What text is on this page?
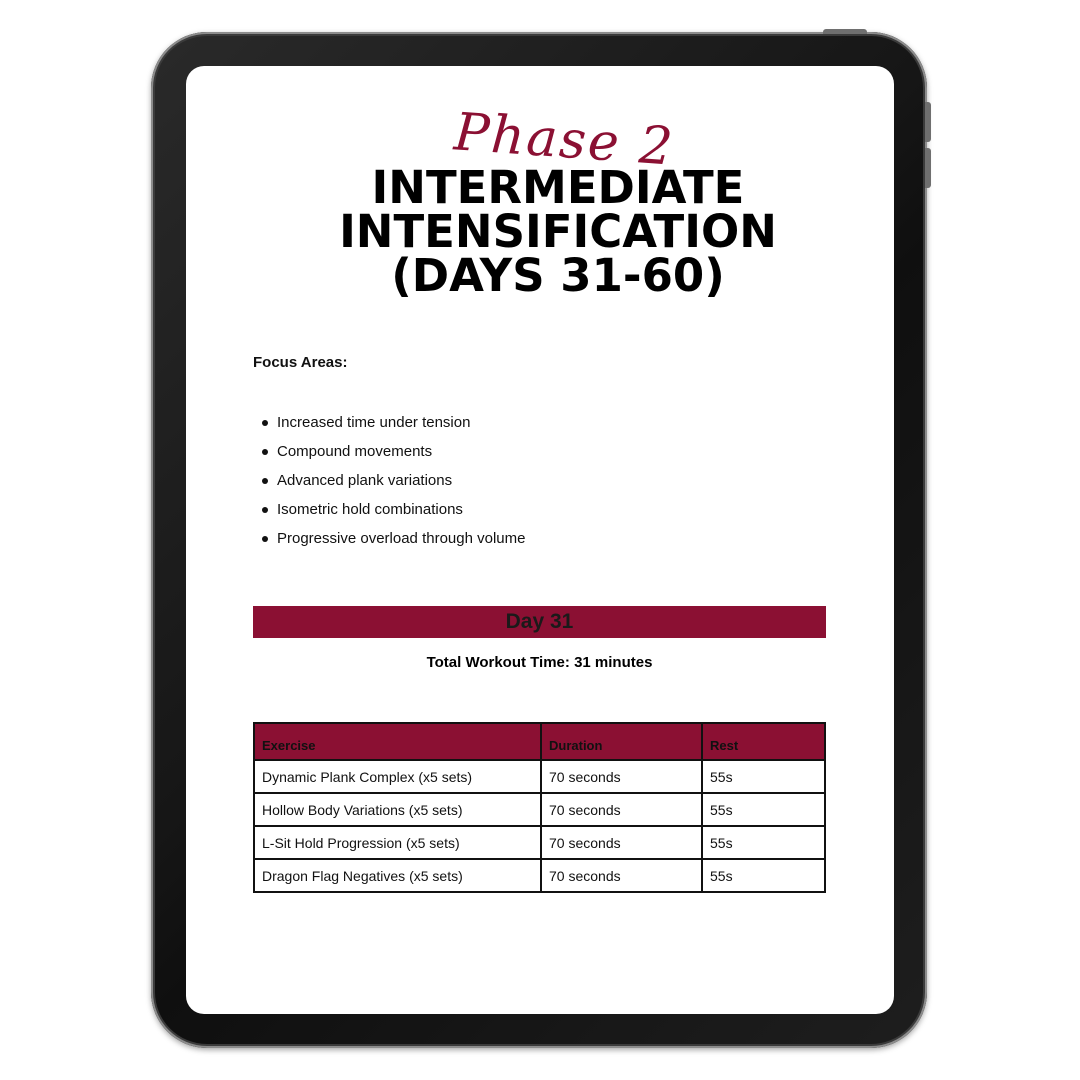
Phase 2
INTERMEDIATE
INTENSIFICATION
(DAYS 31-60)
Focus Areas:
Increased time under tension
Compound movements
Advanced plank variations
Isometric hold combinations
Progressive overload through volume
Day 31
Total Workout Time: 31 minutes
Exercise	Duration	Rest
Dynamic Plank Complex (x5 sets)	70 seconds	55s
Hollow Body Variations (x5 sets)	70 seconds	55s
L-Sit Hold Progression (x5 sets)	70 seconds	55s
Dragon Flag Negatives (x5 sets)	70 seconds	55s
